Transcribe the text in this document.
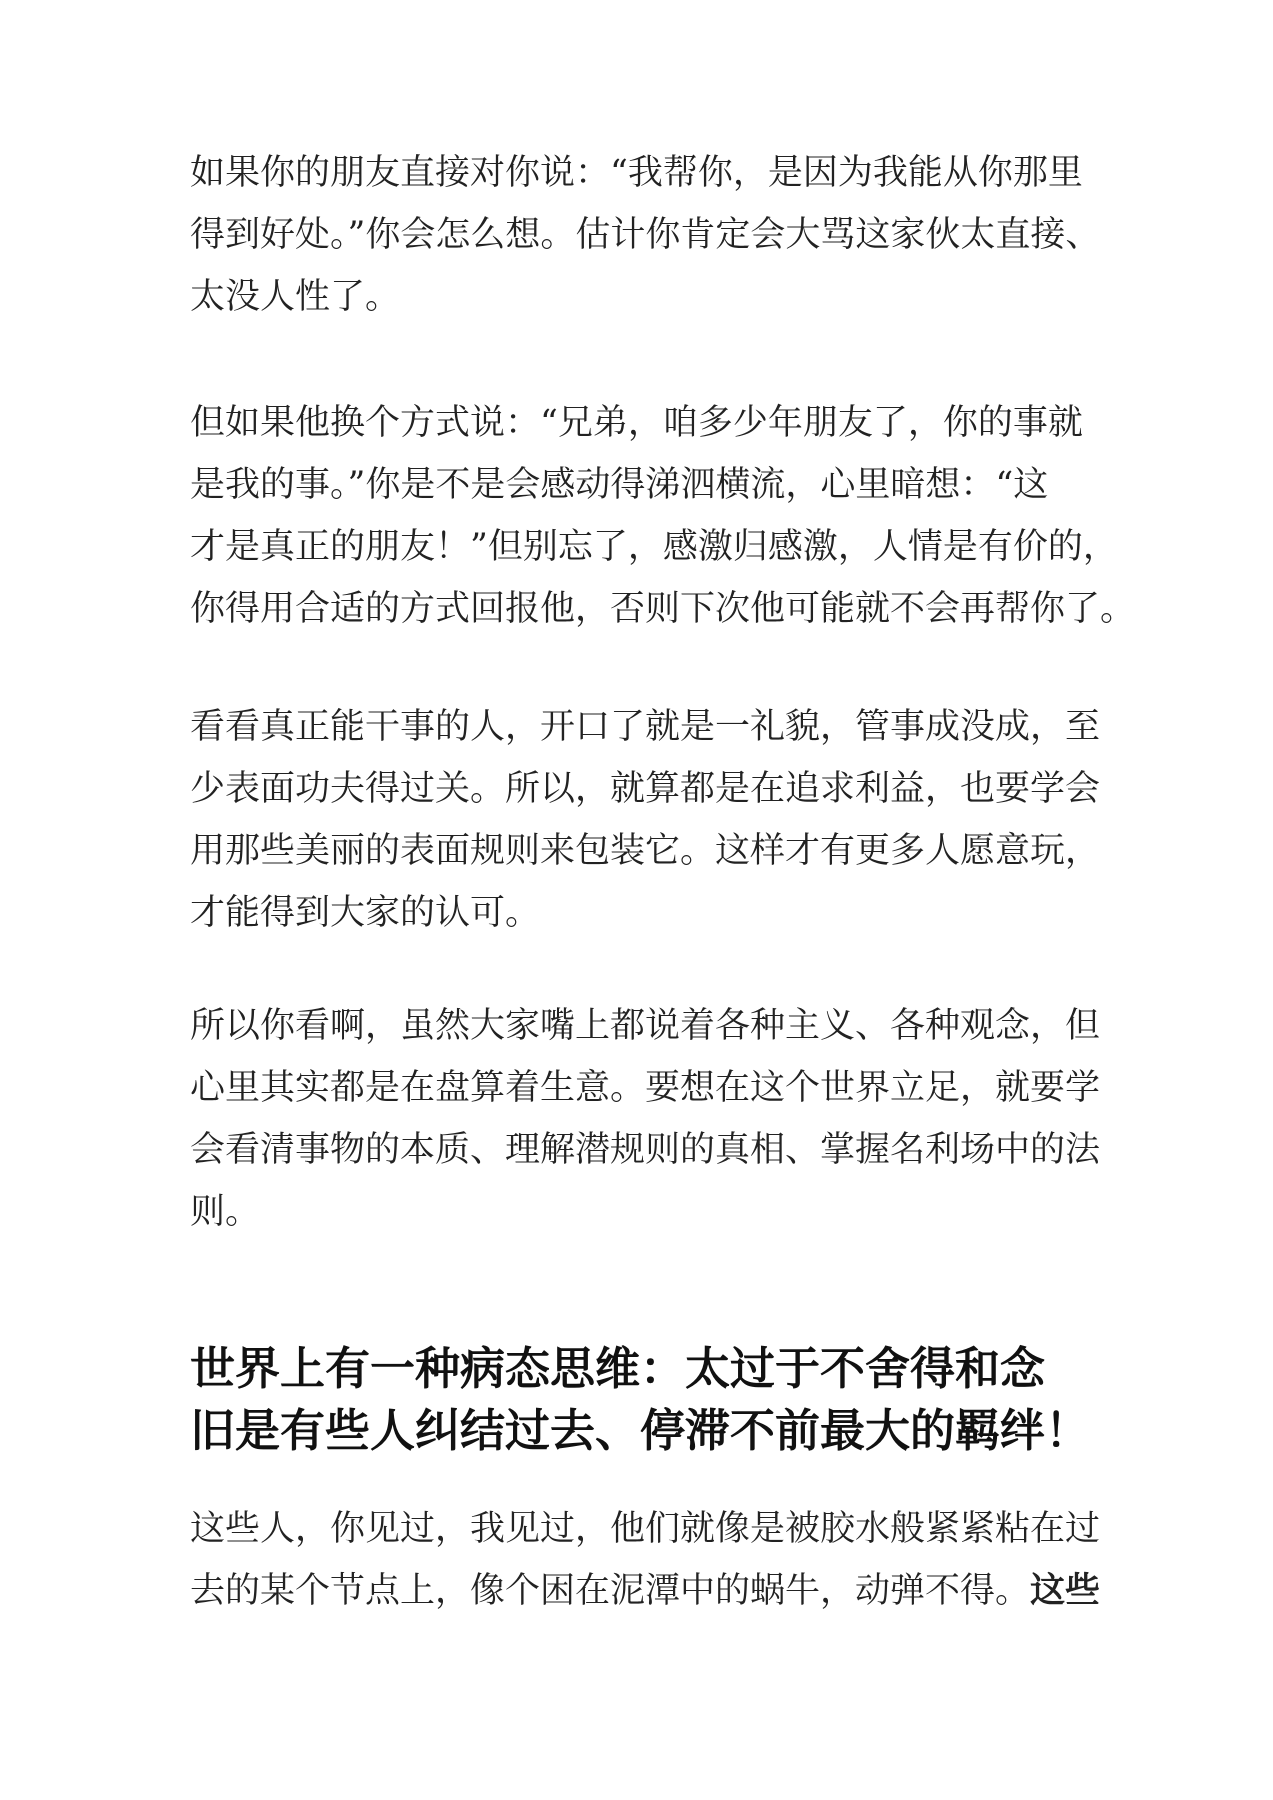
如果你的朋友直接对你说：“我帮你，是因为我能从你那里
得到好处。”你会怎么想。估计你肯定会大骂这家伙太直接、
太没人性了。

但如果他换个方式说：“兄弟，咱多少年朋友了，你的事就
是我的事。”你是不是会感动得涕泗横流，心里暗想：“这
才是真正的朋友！”但别忘了，感激归感激，人情是有价的，
你得用合适的方式回报他，否则下次他可能就不会再帮你了。

看看真正能干事的人，开口了就是一礼貌，管事成没成，至
少表面功夫得过关。所以，就算都是在追求利益，也要学会
用那些美丽的表面规则来包装它。这样才有更多人愿意玩，
才能得到大家的认可。

所以你看啊，虽然大家嘴上都说着各种主义、各种观念，但
心里其实都是在盘算着生意。要想在这个世界立足，就要学
会看清事物的本质、理解潜规则的真相、掌握名利场中的法
则。

世界上有一种病态思维：太过于不舍得和念
旧是有些人纠结过去、停滞不前最大的羁绊！

这些人，你见过，我见过，他们就像是被胶水般紧紧粘在过
去的某个节点上，像个困在泥潭中的蜗牛，动弹不得。这些
